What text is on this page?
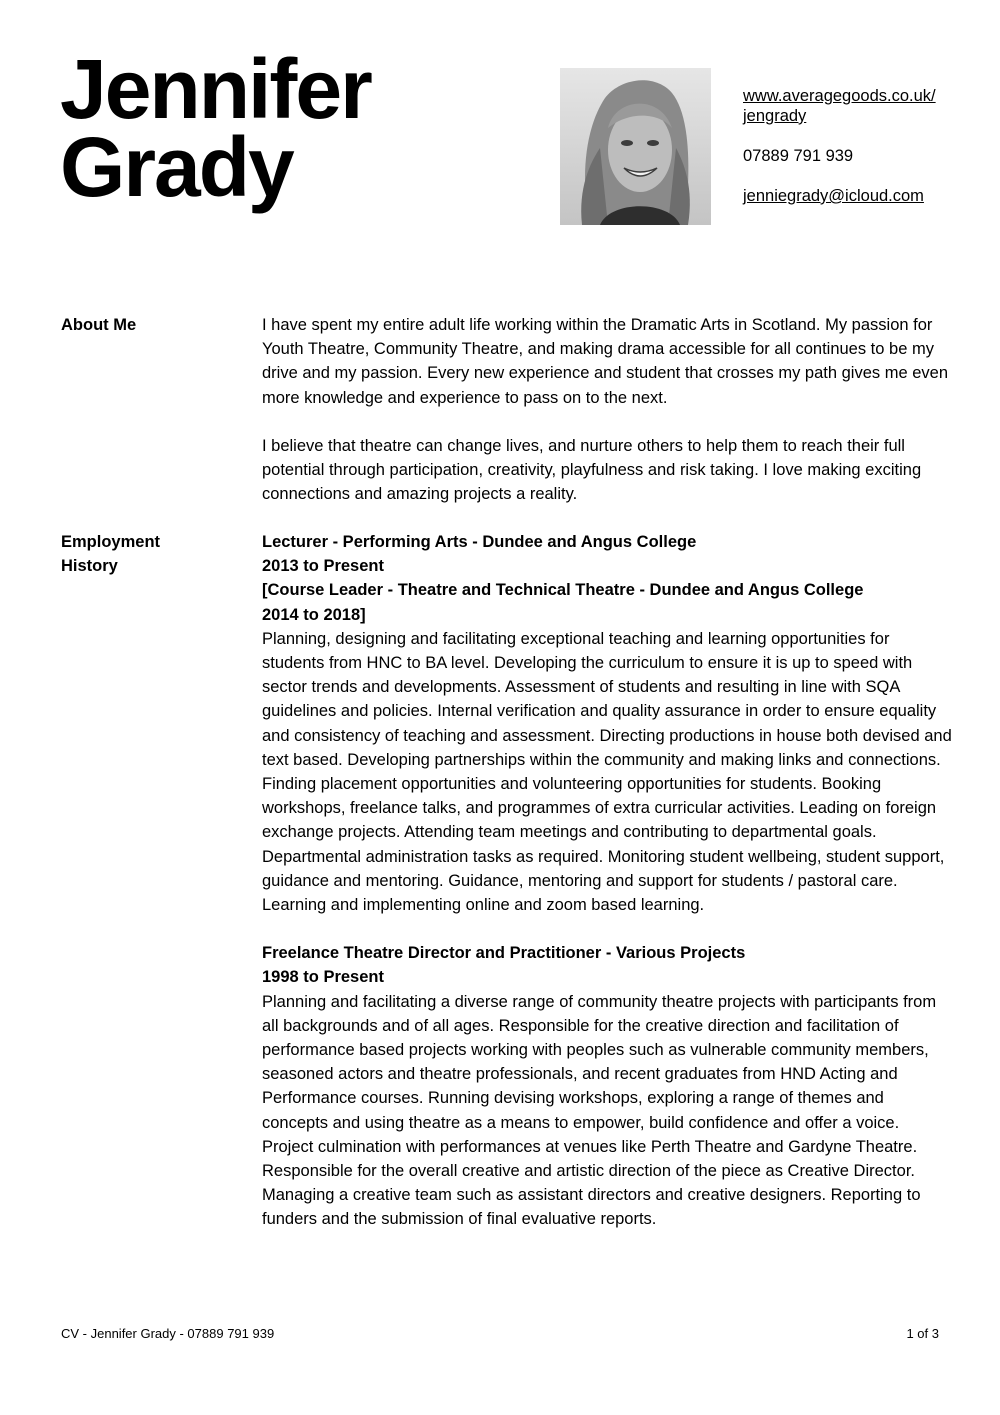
Jennifer
Grady
www.averagegoods.co.uk/
jengrady
07889 791 939
jenniegrady@icloud.com
About Me	I have spent my entire adult life working within the Dramatic Arts in Scotland. My passion for Youth Theatre, Community Theatre, and making drama accessible for all continues to be my drive and my passion. Every new experience and student that crosses my path gives me even more knowledge and experience to pass on to the next.

I believe that theatre can change lives, and nurture others to help them to reach their full potential through participation, creativity, playfulness and risk taking. I love making exciting connections and amazing projects a reality.

Employment
History

Lecturer - Performing Arts - Dundee and Angus College

2013 to Present

[Course Leader - Theatre and Technical Theatre - Dundee and Angus College

2014 to 2018]

Planning, designing and facilitating exceptional teaching and learning opportunities for students from HNC to BA level. Developing the curriculum to ensure it is up to speed with sector trends and developments. Assessment of students and resulting in line with SQA guidelines and policies. Internal verification and quality assurance in order to ensure equality and consistency of teaching and assessment. Directing productions in house both devised and text based. Developing partnerships within the community and making links and connections. Finding placement opportunities and volunteering opportunities for students. Booking workshops, freelance talks, and programmes of extra curricular activities. Leading on foreign exchange projects. Attending team meetings and contributing to departmental goals. Departmental administration tasks as required. Monitoring student wellbeing, student support, guidance and mentoring. Guidance, mentoring and support for students / pastoral care. Learning and implementing online and zoom based learning.

Freelance Theatre Director and Practitioner - Various Projects

1998 to Present

Planning and facilitating a diverse range of community theatre projects with participants from all backgrounds and of all ages. Responsible for the creative direction and facilitation of performance based projects working with peoples such as vulnerable community members, seasoned actors and theatre professionals, and recent graduates from HND Acting and Performance courses. Running devising workshops, exploring a range of themes and concepts and using theatre as a means to empower, build confidence and offer a voice. Project culmination with performances at venues like Perth Theatre and Gardyne Theatre. Responsible for the overall creative and artistic direction of the piece as Creative Director. Managing a creative team such as assistant directors and creative designers. Reporting to funders and the submission of final evaluative reports.

CV - Jennifer Grady - 07889 791 939	1 of 3
